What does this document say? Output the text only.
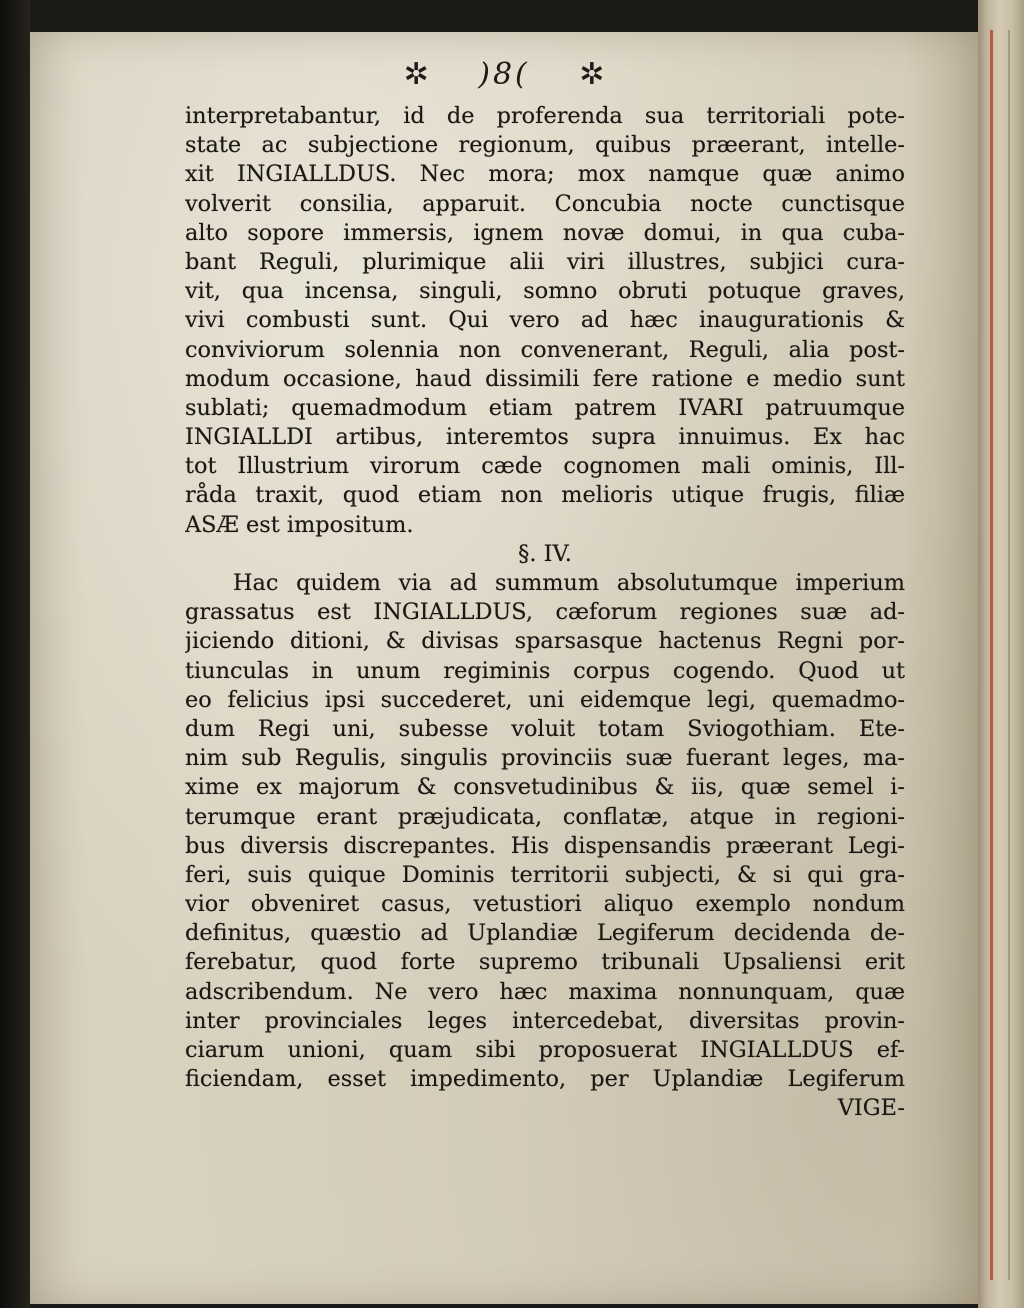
✲ )8( ✲
interpretabantur, id de proferenda sua territoriali pote-
state ac subjectione regionum, quibus præerant, intelle-
xit INGIALLDUS. Nec mora; mox namque quæ animo
volverit consilia, apparuit. Concubia nocte cunctisque
alto sopore immersis, ignem novæ domui, in qua cuba-
bant Reguli, plurimique alii viri illustres, subjici cura-
vit, qua incensa, singuli, somno obruti potuque graves,
vivi combusti sunt. Qui vero ad hæc inaugurationis &
conviviorum solennia non convenerant, Reguli, alia post-
modum occasione, haud dissimili fere ratione e medio sunt
sublati; quemadmodum etiam patrem IVARI patruumque
INGIALLDI artibus, interemtos supra innuimus. Ex hac
tot Illustrium virorum cæde cognomen mali ominis, Ill-
råda traxit, quod etiam non melioris utique frugis, filiæ
ASÆ est impositum.
§. IV.
Hac quidem via ad summum absolutumque imperium
grassatus est INGIALLDUS, cæforum regiones suæ ad-
jiciendo ditioni, & divisas sparsasque hactenus Regni por-
tiunculas in unum regiminis corpus cogendo. Quod ut
eo felicius ipsi succederet, uni eidemque legi, quemadmo-
dum Regi uni, subesse voluit totam Sviogothiam. Ete-
nim sub Regulis, singulis provinciis suæ fuerant leges, ma-
xime ex majorum & consvetudinibus & iis, quæ semel i-
terumque erant præjudicata, conflatæ, atque in regioni-
bus diversis discrepantes. His dispensandis præerant Legi-
feri, suis quique Dominis territorii subjecti, & si qui gra-
vior obveniret casus, vetustiori aliquo exemplo nondum
definitus, quæstio ad Uplandiæ Legiferum decidenda de-
ferebatur, quod forte supremo tribunali Upsaliensi erit
adscribendum. Ne vero hæc maxima nonnunquam, quæ
inter provinciales leges intercedebat, diversitas provin-
ciarum unioni, quam sibi proposuerat INGIALLDUS ef-
ficiendam, esset impedimento, per Uplandiæ Legiferum
VIGE-
